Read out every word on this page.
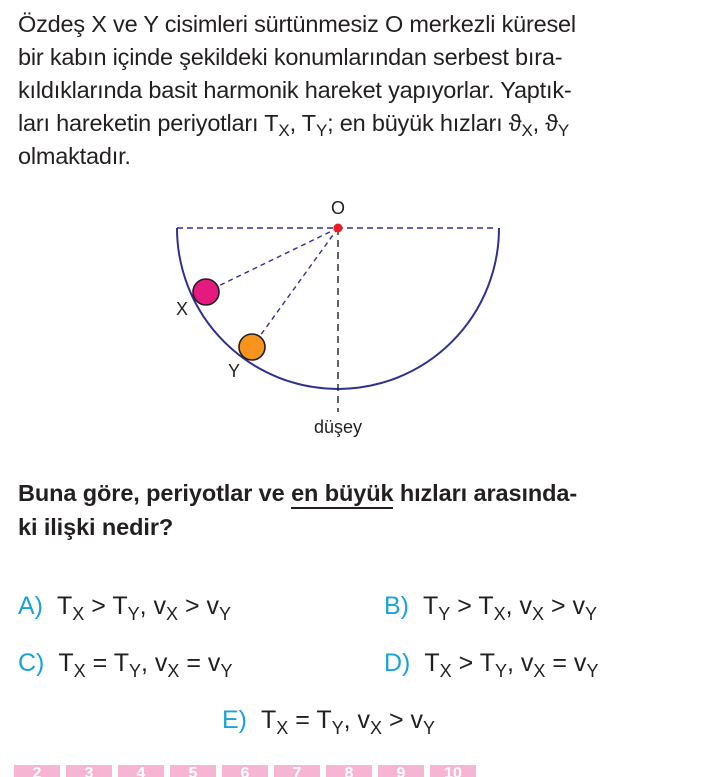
Özdeş X ve Y cisimleri sürtünmesiz O merkezli küresel
bir kabın içinde şekildeki konumlarından serbest bıra-
kıldıklarında basit harmonik hareket yapıyorlar. Yaptık-
ları hareketin periyotları $T_X$, $T_Y$; en büyük hızları $ϑ_X$, $ϑ_Y$
olmaktadır.
O
X
Y
düşey
Buna göre, periyotlar ve en büyük hızları arasında-
ki ilişki nedir?
A) $T_X > T_Y$, $v_X > v_Y$	B) $T_Y > T_X$, $v_X > v_Y$
C) $T_X = T_Y$, $v_X = v_Y$	D) $T_X > T_Y$, $v_X = v_Y$
E) $T_X = T_Y$, $v_X > v_Y$
2	3	4	5	6	7	8	9	10
